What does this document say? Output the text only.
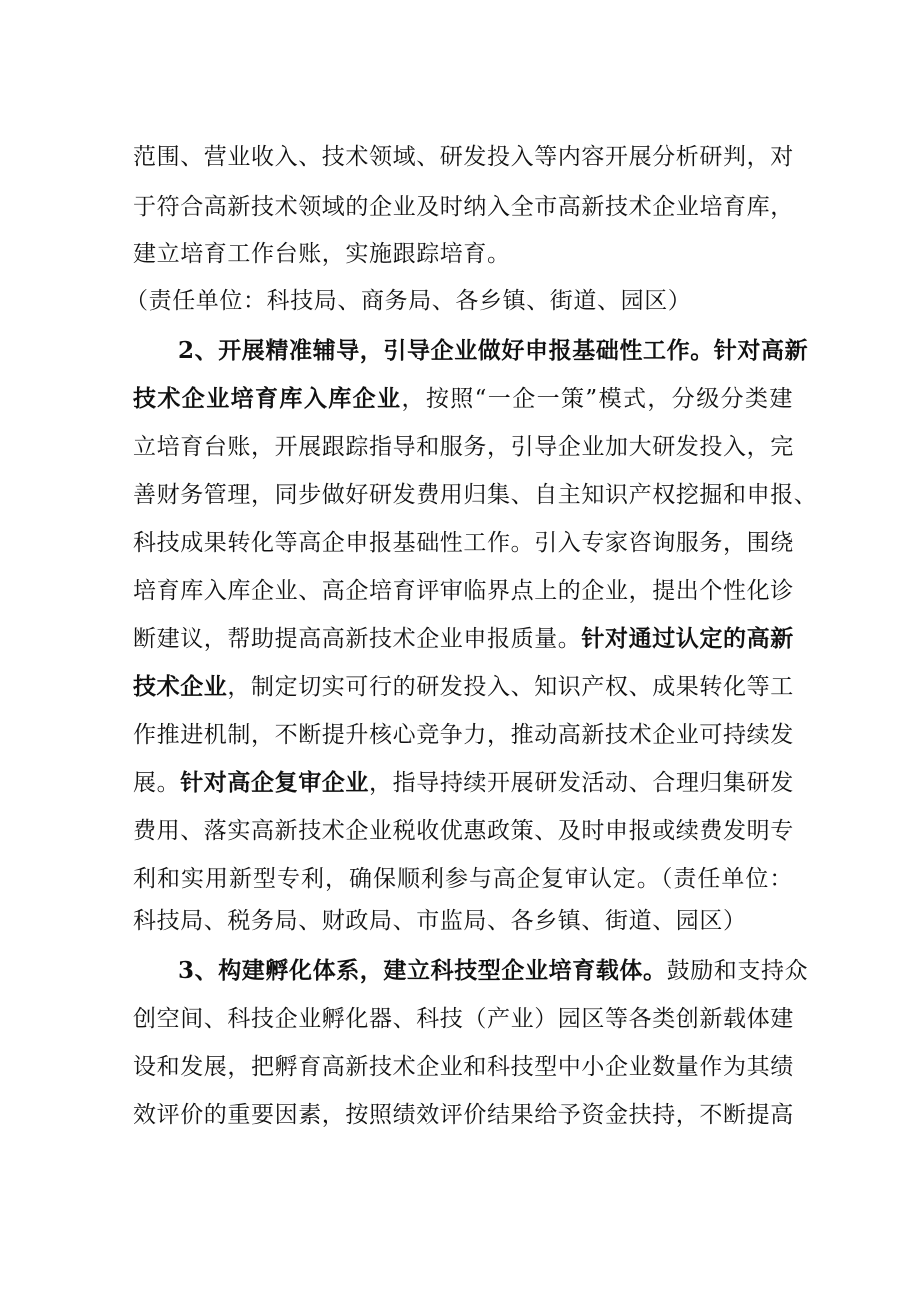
范围、营业收入、技术领域、研发投入等内容开展分析研判，对
于符合高新技术领域的企业及时纳入全市高新技术企业培育库，
建立培育工作台账，实施跟踪培育。
（责任单位：科技局、商务局、各乡镇、街道、园区）
2、开展精准辅导，引导企业做好申报基础性工作。针对高新
技术企业培育库入库企业，按照“一企一策”模式，分级分类建
立培育台账，开展跟踪指导和服务，引导企业加大研发投入，完
善财务管理，同步做好研发费用归集、自主知识产权挖掘和申报、
科技成果转化等高企申报基础性工作。引入专家咨询服务，围绕
培育库入库企业、高企培育评审临界点上的企业，提出个性化诊
断建议，帮助提高高新技术企业申报质量。针对通过认定的高新
技术企业，制定切实可行的研发投入、知识产权、成果转化等工
作推进机制，不断提升核心竞争力，推动高新技术企业可持续发
展。针对高企复审企业，指导持续开展研发活动、合理归集研发
费用、落实高新技术企业税收优惠政策、及时申报或续费发明专
利和实用新型专利，确保顺利参与高企复审认定。（责任单位：
科技局、税务局、财政局、市监局、各乡镇、街道、园区）
3、构建孵化体系，建立科技型企业培育载体。鼓励和支持众
创空间、科技企业孵化器、科技（产业）园区等各类创新载体建
设和发展，把孵育高新技术企业和科技型中小企业数量作为其绩
效评价的重要因素，按照绩效评价结果给予资金扶持，不断提高
